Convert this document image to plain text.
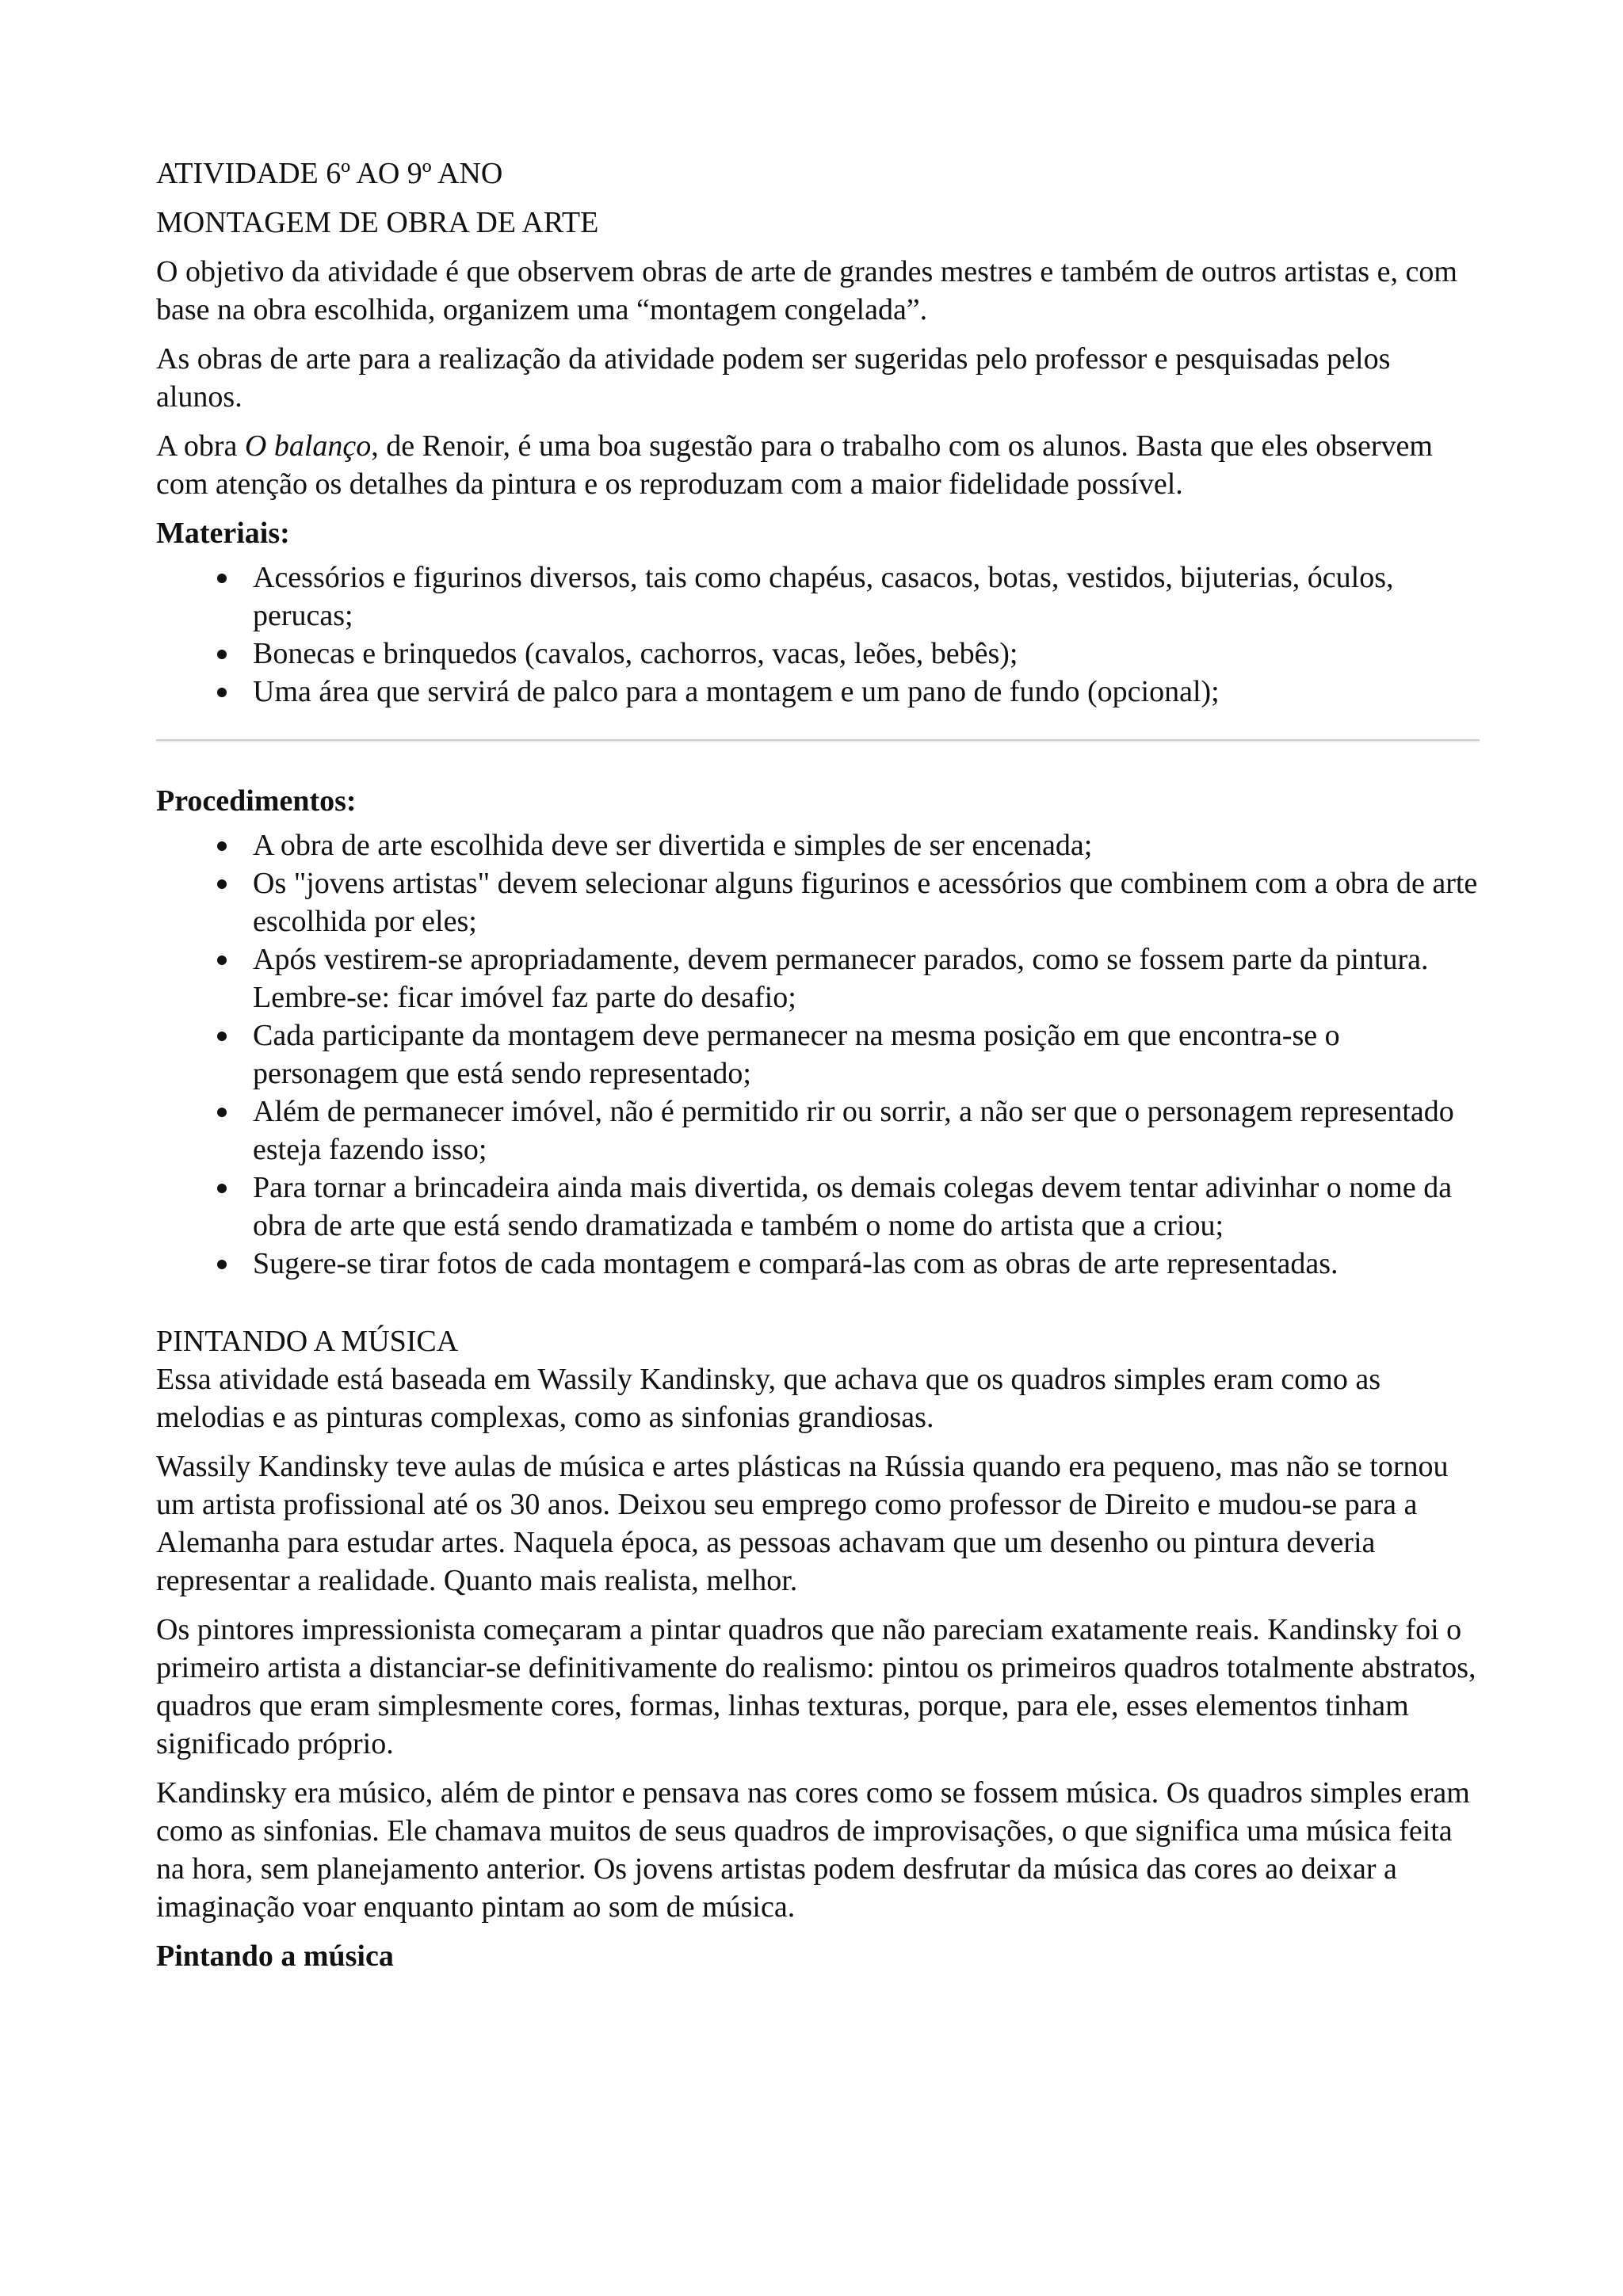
ATIVIDADE 6º AO 9º ANO

MONTAGEM DE OBRA DE ARTE

O objetivo da atividade é que observem obras de arte de grandes mestres e também de outros artistas e, com base na obra escolhida, organizem uma “montagem congelada”.

As obras de arte para a realização da atividade podem ser sugeridas pelo professor e pesquisadas pelos alunos.

A obra O balanço, de Renoir, é uma boa sugestão para o trabalho com os alunos. Basta que eles observem com atenção os detalhes da pintura e os reproduzam com a maior fidelidade possível.

Materiais:

Acessórios e figurinos diversos, tais como chapéus, casacos, botas, vestidos, bijuterias, óculos, perucas;
Bonecas e brinquedos (cavalos, cachorros, vacas, leões, bebês);
Uma área que servirá de palco para a montagem e um pano de fundo (opcional);

Procedimentos:

A obra de arte escolhida deve ser divertida e simples de ser encenada;
Os "jovens artistas" devem selecionar alguns figurinos e acessórios que combinem com a obra de arte escolhida por eles;
Após vestirem-se apropriadamente, devem permanecer parados, como se fossem parte da pintura. Lembre-se: ficar imóvel faz parte do desafio;
Cada participante da montagem deve permanecer na mesma posição em que encontra-se o personagem que está sendo representado;
Além de permanecer imóvel, não é permitido rir ou sorrir, a não ser que o personagem representado esteja fazendo isso;
Para tornar a brincadeira ainda mais divertida, os demais colegas devem tentar adivinhar o nome da obra de arte que está sendo dramatizada e também o nome do artista que a criou;
Sugere-se tirar fotos de cada montagem e compará-las com as obras de arte representadas.

PINTANDO A MÚSICA

Essa atividade está baseada em Wassily Kandinsky, que achava que os quadros simples eram como as melodias e as pinturas complexas, como as sinfonias grandiosas.

Wassily Kandinsky teve aulas de música e artes plásticas na Rússia quando era pequeno, mas não se tornou um artista profissional até os 30 anos. Deixou seu emprego como professor de Direito e mudou-se para a Alemanha para estudar artes. Naquela época, as pessoas achavam que um desenho ou pintura deveria representar a realidade. Quanto mais realista, melhor.

Os pintores impressionista começaram a pintar quadros que não pareciam exatamente reais. Kandinsky foi o primeiro artista a distanciar-se definitivamente do realismo: pintou os primeiros quadros totalmente abstratos, quadros que eram simplesmente cores, formas, linhas texturas, porque, para ele, esses elementos tinham significado próprio.

Kandinsky era músico, além de pintor e pensava nas cores como se fossem música. Os quadros simples eram como as sinfonias. Ele chamava muitos de seus quadros de improvisações, o que significa uma música feita na hora, sem planejamento anterior. Os jovens artistas podem desfrutar da música das cores ao deixar a imaginação voar enquanto pintam ao som de música.

Pintando a música
